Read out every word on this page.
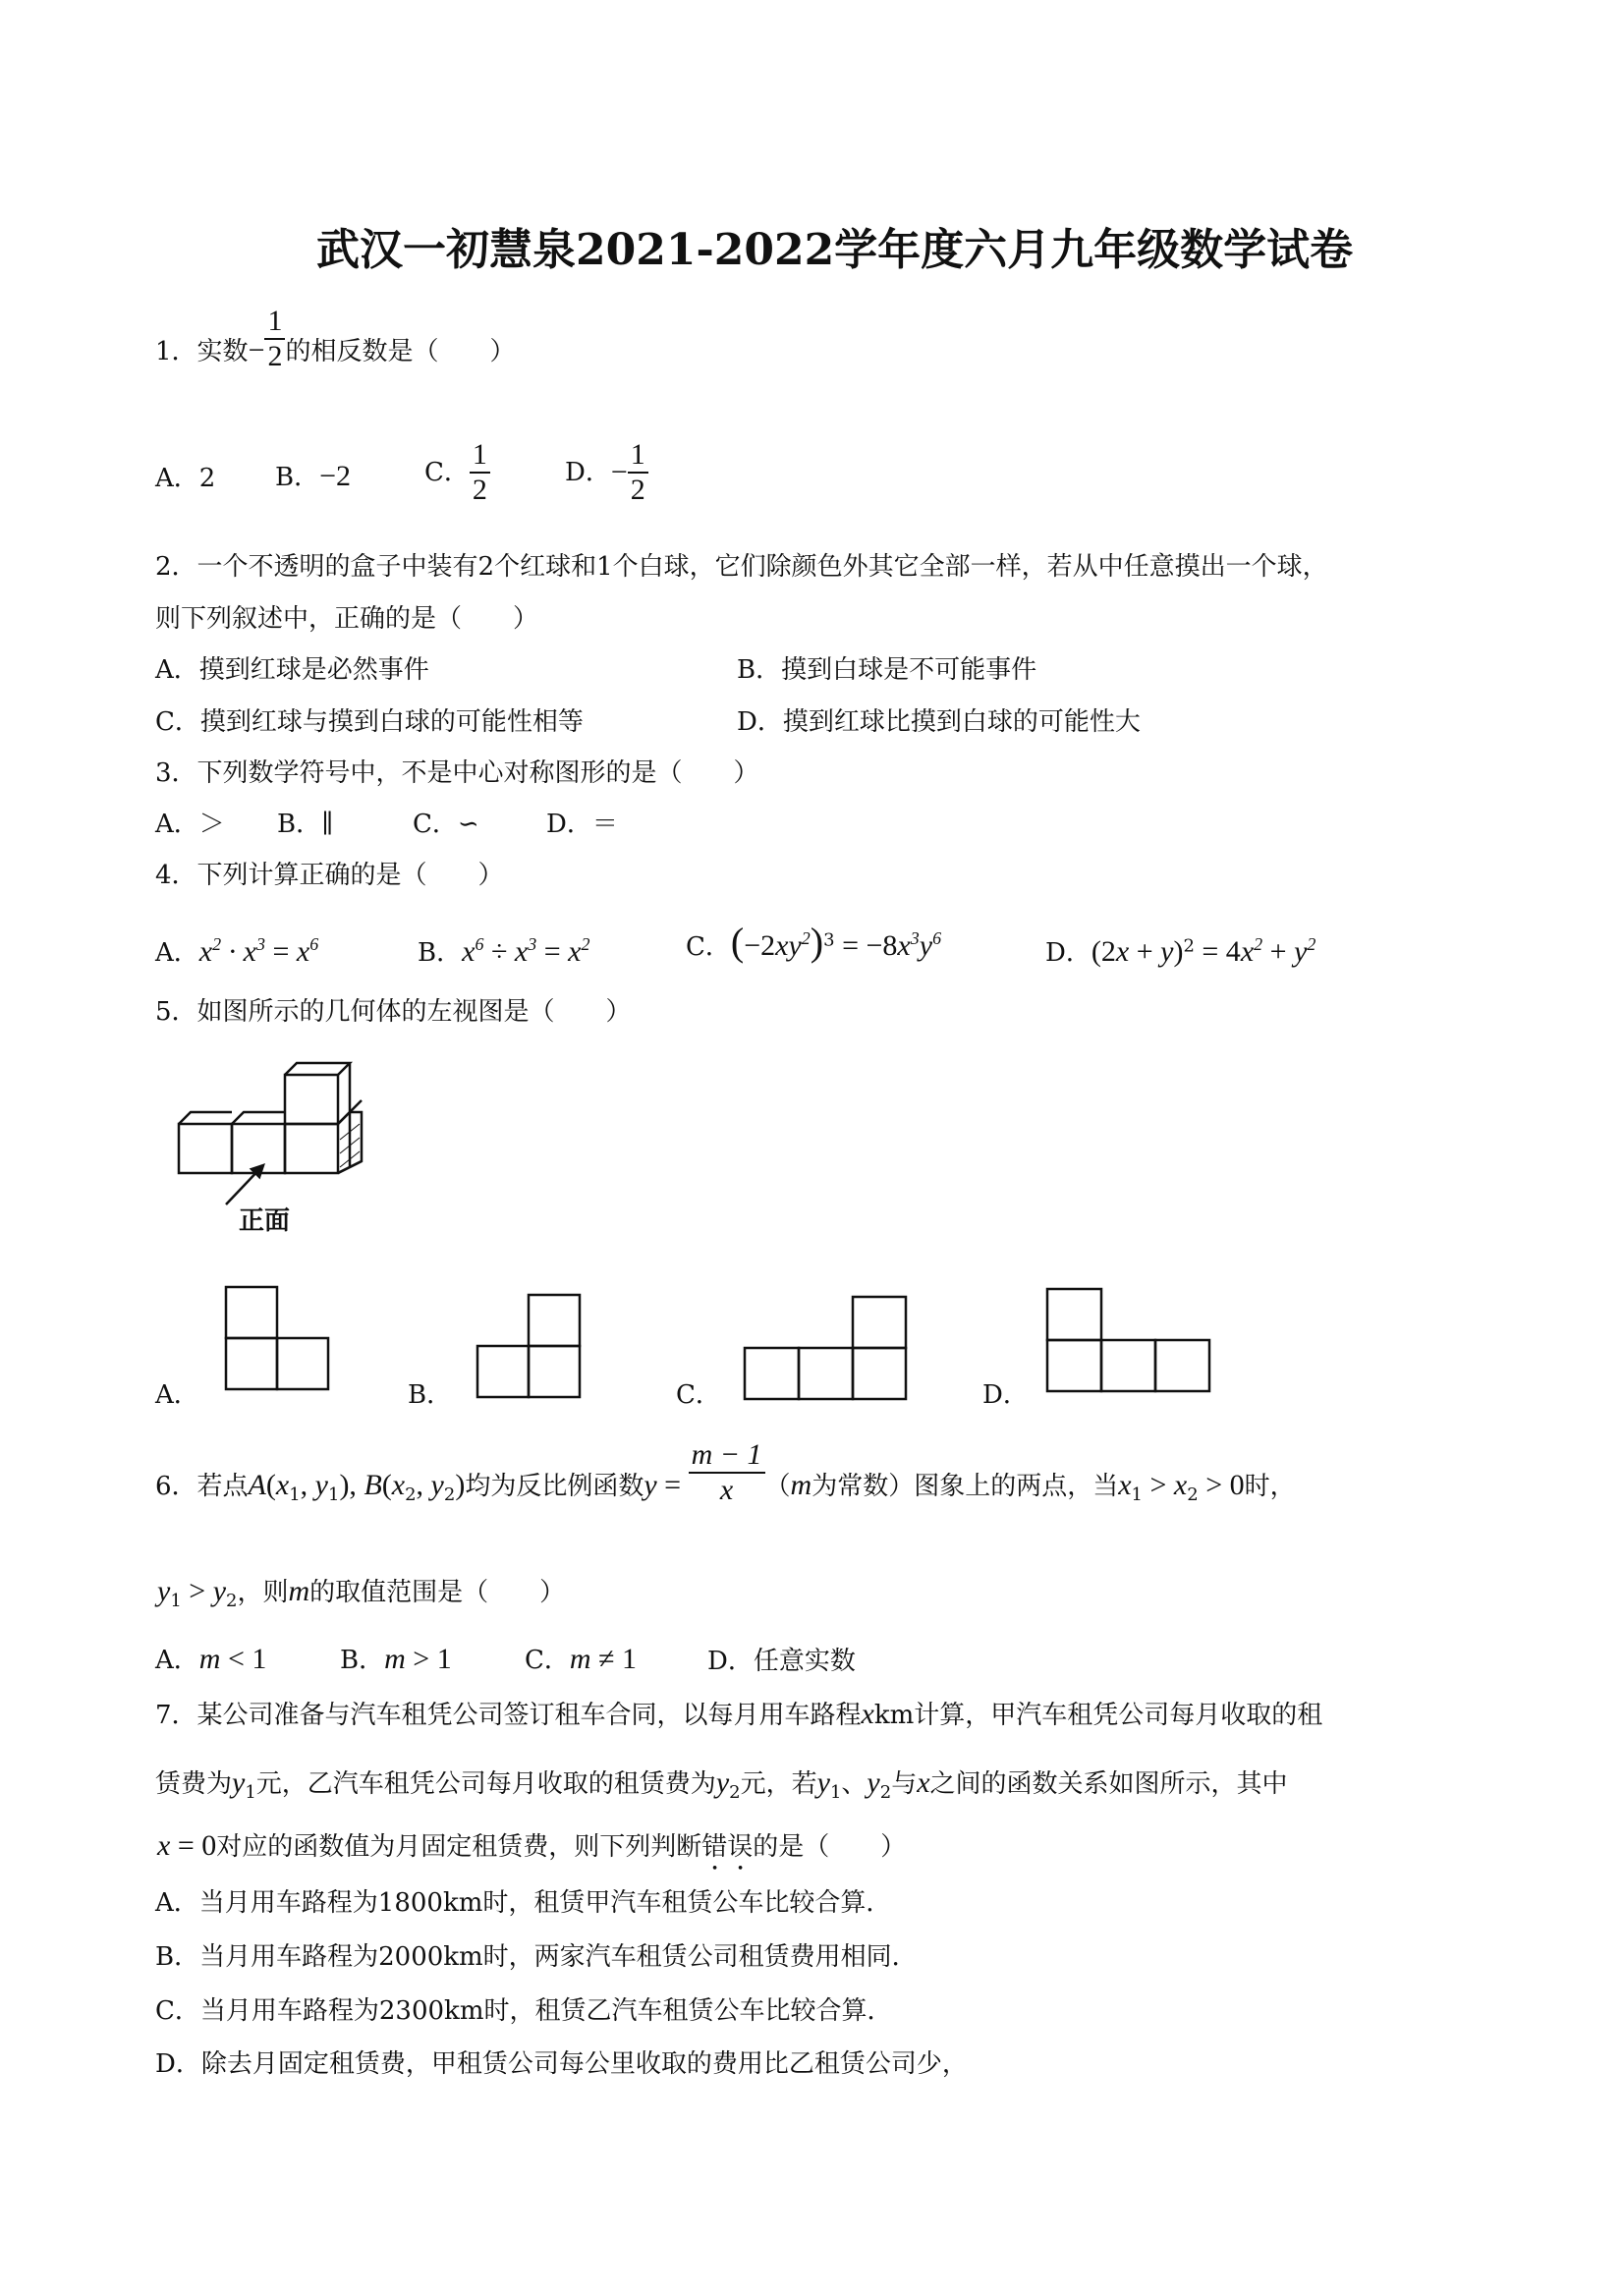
武汉一初慧泉2021-2022学年度六月九年级数学试卷
1．实数− $\frac{1}{2}$ 的相反数是（　　）
A．2 B．−2	C． $\frac{1}{2}$	D．− $\frac{1}{2}$
2．一个不透明的盒子中装有2个红球和1个白球，它们除颜色外其它全部一样，若从中任意摸出一个球，
则下列叙述中，正确的是（　　）
A．摸到红球是必然事件	B．摸到白球是不可能事件
C．摸到红球与摸到白球的可能性相等	D．摸到红球比摸到白球的可能性大
3．下列数学符号中，不是中心对称图形的是（　　）
A．＞ B．∥	C．∽	D．＝
4．下列计算正确的是（　　）
A．$x^2 \cdot x^3 = x^6$	B．$x^6 \div x^3 = x^2$	C．$(-2xy^2)^3 = -8x^3y^6$	D．$(2x + y)^2 = 4x^2 + y^2$
5．如图所示的几何体的左视图是（　　）
正面
A．	B．	C．	D．
6．若点$A(x_1$, $y_1$), $B(x_2$, $y_2$)均为反比例函数$y = \frac{m - 1}{x} (m$为常数）图象上的两点，当$x_1 > x_2 > 0$时，
$y_1 > y_2$，则m的取值范围是（　　）
A．m < 1	B．m > 1	C．m ≠ 1	D．任意实数
7．某公司准备与汽车租凭公司签订租车合同，以每月用车路程xkm计算，甲汽车租凭公司每月收取的租
赁费为$y_1$元，乙汽车租凭公司每月收取的租赁费为$y_2$元，若$y_1$、$y_2$与x之间的函数关系如图所示，其中
x = 0对应的函数值为月固定租赁费，则下列判断错误的是（　　）
A．当月用车路程为1800km时，租赁甲汽车租赁公车比较合算．
B．当月用车路程为2000km时，两家汽车租赁公司租赁费用相同．
C．当月用车路程为2300km时，租赁乙汽车租赁公车比较合算．
D．除去月固定租赁费，甲租赁公司每公里收取的费用比乙租赁公司少，
